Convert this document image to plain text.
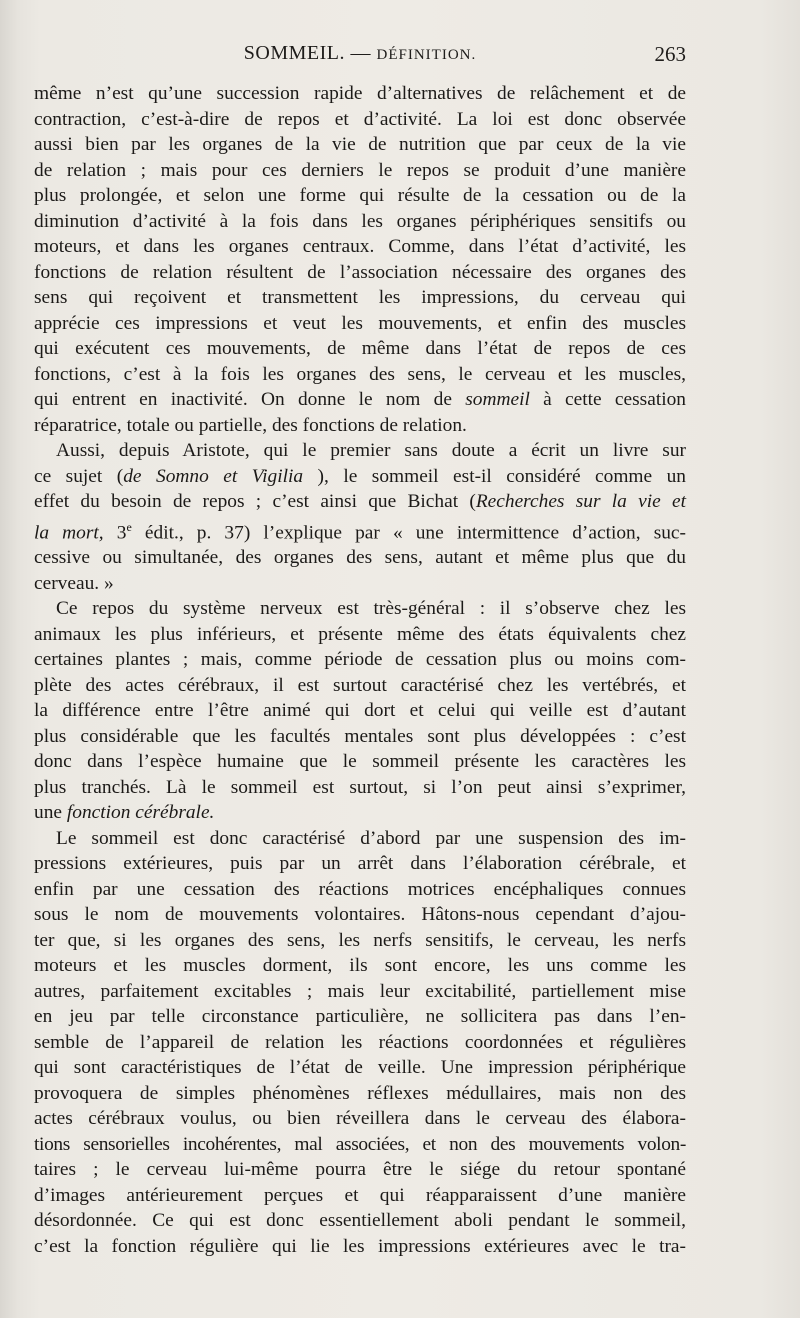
SOMMEIL. — DÉFINITION.	263

même n’est qu’une succession rapide d’alternatives de relâchement et de
contraction, c’est-à-dire de repos et d’activité. La loi est donc observée
aussi bien par les organes de la vie de nutrition que par ceux de la vie
de relation ; mais pour ces derniers le repos se produit d’une manière
plus prolongée, et selon une forme qui résulte de la cessation ou de la
diminution d’activité à la fois dans les organes périphériques sensitifs ou
moteurs, et dans les organes centraux. Comme, dans l’état d’activité, les
fonctions de relation résultent de l’association nécessaire des organes des
sens qui reçoivent et transmettent les impressions, du cerveau qui
apprécie ces impressions et veut les mouvements, et enfin des muscles
qui exécutent ces mouvements, de même dans l’état de repos de ces
fonctions, c’est à la fois les organes des sens, le cerveau et les muscles,
qui entrent en inactivité. On donne le nom de sommeil à cette cessation
réparatrice, totale ou partielle, des fonctions de relation.

Aussi, depuis Aristote, qui le premier sans doute a écrit un livre sur
ce sujet (de Somno et Vigilia ), le sommeil est-il considéré comme un
effet du besoin de repos ; c’est ainsi que Bichat (Recherches sur la vie et
la mort, 3e édit., p. 37) l’explique par « une intermittence d’action, suc-
cessive ou simultanée, des organes des sens, autant et même plus que du
cerveau. »

Ce repos du système nerveux est très-général : il s’observe chez les
animaux les plus inférieurs, et présente même des états équivalents chez
certaines plantes ; mais, comme période de cessation plus ou moins com-
plète des actes cérébraux, il est surtout caractérisé chez les vertébrés, et
la différence entre l’être animé qui dort et celui qui veille est d’autant
plus considérable que les facultés mentales sont plus développées : c’est
donc dans l’espèce humaine que le sommeil présente les caractères les
plus tranchés. Là le sommeil est surtout, si l’on peut ainsi s’exprimer,
une fonction cérébrale.

Le sommeil est donc caractérisé d’abord par une suspension des im-
pressions extérieures, puis par un arrêt dans l’élaboration cérébrale, et
enfin par une cessation des réactions motrices encéphaliques connues
sous le nom de mouvements volontaires. Hâtons-nous cependant d’ajou-
ter que, si les organes des sens, les nerfs sensitifs, le cerveau, les nerfs
moteurs et les muscles dorment, ils sont encore, les uns comme les
autres, parfaitement excitables ; mais leur excitabilité, partiellement mise
en jeu par telle circonstance particulière, ne sollicitera pas dans l’en-
semble de l’appareil de relation les réactions coordonnées et régulières
qui sont caractéristiques de l’état de veille. Une impression périphérique
provoquera de simples phénomènes réflexes médullaires, mais non des
actes cérébraux voulus, ou bien réveillera dans le cerveau des élabora-
tions sensorielles incohérentes, mal associées, et non des mouvements volon-
taires ; le cerveau lui-même pourra être le siége du retour spontané
d’images antérieurement perçues et qui réapparaissent d’une manière
désordonnée. Ce qui est donc essentiellement aboli pendant le sommeil,
c’est la fonction régulière qui lie les impressions extérieures avec le tra-
